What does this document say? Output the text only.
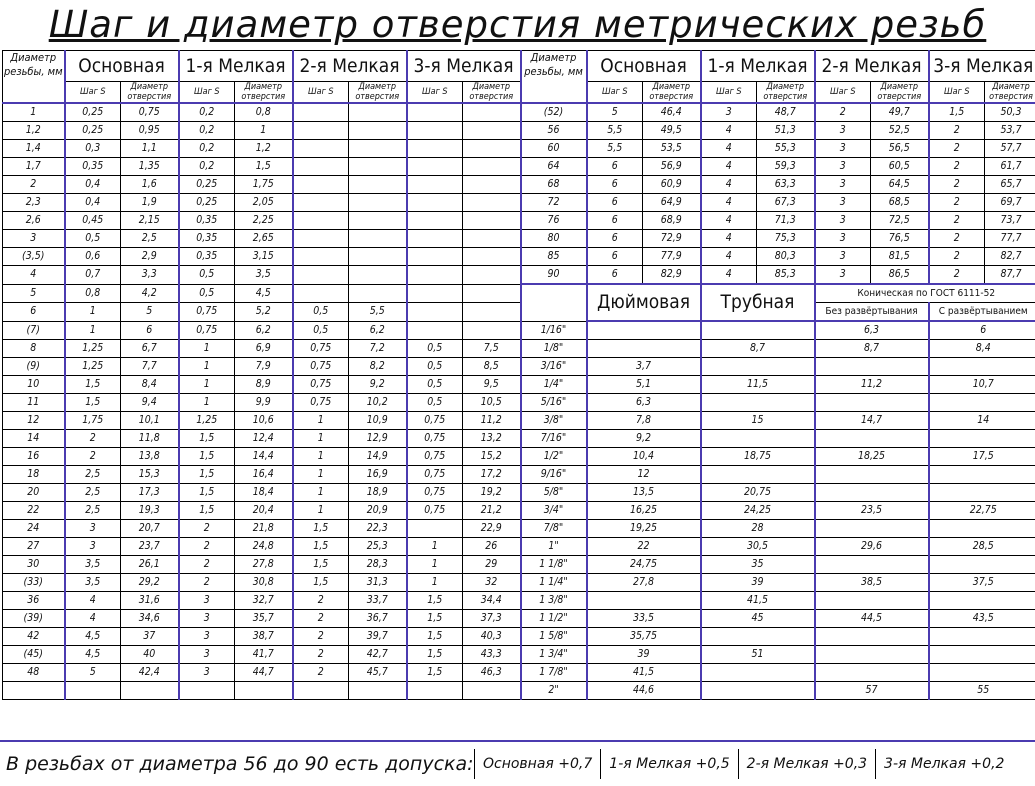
Шаг и диаметр отверстия метрических резьб
Диаметр резьбы, мм	Основная		1-я Мелкая		2-я Мелкая		3-я Мелкая		Диаметр резьбы, мм	Основная		1-я Мелкая		2-я Мелкая		3-я Мелкая	
	Шаг S	Диаметр отверстия	Шаг S	Диаметр отверстия	Шаг S	Диаметр отверстия	Шаг S	Диаметр отверстия		Шаг S	Диаметр отверстия	Шаг S	Диаметр отверстия	Шаг S	Диаметр отверстия	Шаг S	Диаметр отверстия
1	0,25	0,75	0,2	0,8					(52)	5	46,4	3	48,7	2	49,7	1,5	50,3
1,2	0,25	0,95	0,2	1					56	5,5	49,5	4	51,3	3	52,5	2	53,7
1,4	0,3	1,1	0,2	1,2					60	5,5	53,5	4	55,3	3	56,5	2	57,7
1,7	0,35	1,35	0,2	1,5					64	6	56,9	4	59,3	3	60,5	2	61,7
2	0,4	1,6	0,25	1,75					68	6	60,9	4	63,3	3	64,5	2	65,7
2,3	0,4	1,9	0,25	2,05					72	6	64,9	4	67,3	3	68,5	2	69,7
2,6	0,45	2,15	0,35	2,25					76	6	68,9	4	71,3	3	72,5	2	73,7
3	0,5	2,5	0,35	2,65					80	6	72,9	4	75,3	3	76,5	2	77,7
(3,5)	0,6	2,9	0,35	3,15					85	6	77,9	4	80,3	3	81,5	2	82,7
4	0,7	3,3	0,5	3,5					90	6	82,9	4	85,3	3	86,5	2	87,7
5	0,8	4,2	0,5	4,5						Дюймовая		Трубная		Коническая по ГОСТ 6111-52			
6	1	5	0,75	5,2	0,5	5,5								Без развёртывания		С развёртыванием	
(7)	1	6	0,75	6,2	0,5	6,2			1/16"					6,3		6	
8	1,25	6,7	1	6,9	0,75	7,2	0,5	7,5	1/8"			8,7		8,7		8,4	
(9)	1,25	7,7	1	7,9	0,75	8,2	0,5	8,5	3/16"	3,7							
10	1,5	8,4	1	8,9	0,75	9,2	0,5	9,5	1/4"	5,1		11,5		11,2		10,7	
11	1,5	9,4	1	9,9	0,75	10,2	0,5	10,5	5/16"	6,3							
12	1,75	10,1	1,25	10,6	1	10,9	0,75	11,2	3/8"	7,8		15		14,7		14	
14	2	11,8	1,5	12,4	1	12,9	0,75	13,2	7/16"	9,2							
16	2	13,8	1,5	14,4	1	14,9	0,75	15,2	1/2"	10,4		18,75		18,25		17,5	
18	2,5	15,3	1,5	16,4	1	16,9	0,75	17,2	9/16"	12							
20	2,5	17,3	1,5	18,4	1	18,9	0,75	19,2	5/8"	13,5		20,75					
22	2,5	19,3	1,5	20,4	1	20,9	0,75	21,2	3/4"	16,25		24,25		23,5		22,75	
24	3	20,7	2	21,8	1,5	22,3		22,9	7/8"	19,25		28					
27	3	23,7	2	24,8	1,5	25,3	1	26	1"	22		30,5		29,6		28,5	
30	3,5	26,1	2	27,8	1,5	28,3	1	29	1 1/8"	24,75		35					
(33)	3,5	29,2	2	30,8	1,5	31,3	1	32	1 1/4"	27,8		39		38,5		37,5	
36	4	31,6	3	32,7	2	33,7	1,5	34,4	1 3/8"			41,5					
(39)	4	34,6	3	35,7	2	36,7	1,5	37,3	1 1/2"	33,5		45		44,5		43,5	
42	4,5	37	3	38,7	2	39,7	1,5	40,3	1 5/8"	35,75							
(45)	4,5	40	3	41,7	2	42,7	1,5	43,3	1 3/4"	39		51					
48	5	42,4	3	44,7	2	45,7	1,5	46,3	1 7/8"	41,5							
									2"	44,6				57		55	
В резьбах от диаметра 56 до 90 есть допуска: Основная +0,7	1-я Мелкая +0,5	2-я Мелкая +0,3	3-я Мелкая +0,2
